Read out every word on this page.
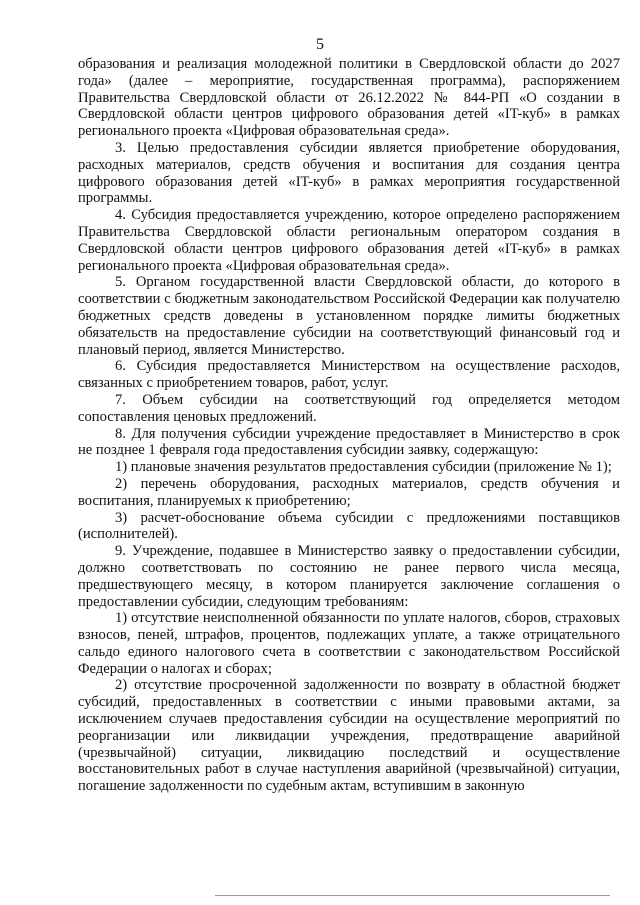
5

образования и реализация молодежной политики в Свердловской области до 2027 года» (далее – мероприятие, государственная программа), распоряжением Правительства Свердловской области от 26.12.2022 № 844-РП «О создании в Свердловской области центров цифрового образования детей «IT-куб» в рамках регионального проекта «Цифровая образовательная среда».

3. Целью предоставления субсидии является приобретение оборудования, расходных материалов, средств обучения и воспитания для создания центра цифрового образования детей «IT-куб» в рамках мероприятия государственной программы.

4. Субсидия предоставляется учреждению, которое определено распоряжением Правительства Свердловской области региональным оператором создания в Свердловской области центров цифрового образования детей «IT-куб» в рамках регионального проекта «Цифровая образовательная среда».

5. Органом государственной власти Свердловской области, до которого в соответствии с бюджетным законодательством Российской Федерации как получателю бюджетных средств доведены в установленном порядке лимиты бюджетных обязательств на предоставление субсидии на соответствующий финансовый год и плановый период, является Министерство.

6. Субсидия предоставляется Министерством на осуществление расходов, связанных с приобретением товаров, работ, услуг.

7. Объем субсидии на соответствующий год определяется методом сопоставления ценовых предложений.

8. Для получения субсидии учреждение предоставляет в Министерство в срок не позднее 1 февраля года предоставления субсидии заявку, содержащую:

1) плановые значения результатов предоставления субсидии (приложение № 1);

2) перечень оборудования, расходных материалов, средств обучения и воспитания, планируемых к приобретению;

3) расчет-обоснование объема субсидии с предложениями поставщиков (исполнителей).

9. Учреждение, подавшее в Министерство заявку о предоставлении субсидии, должно соответствовать по состоянию не ранее первого числа месяца, предшествующего месяцу, в котором планируется заключение соглашения о предоставлении субсидии, следующим требованиям:

1) отсутствие неисполненной обязанности по уплате налогов, сборов, страховых взносов, пеней, штрафов, процентов, подлежащих уплате, а также отрицательного сальдо единого налогового счета в соответствии с законодательством Российской Федерации о налогах и сборах;

2) отсутствие просроченной задолженности по возврату в областной бюджет субсидий, предоставленных в соответствии с иными правовыми актами, за исключением случаев предоставления субсидии на осуществление мероприятий по реорганизации или ликвидации учреждения, предотвращение аварийной (чрезвычайной) ситуации, ликвидацию последствий и осуществление восстановительных работ в случае наступления аварийной (чрезвычайной) ситуации, погашение задолженности по судебным актам, вступившим в законную
